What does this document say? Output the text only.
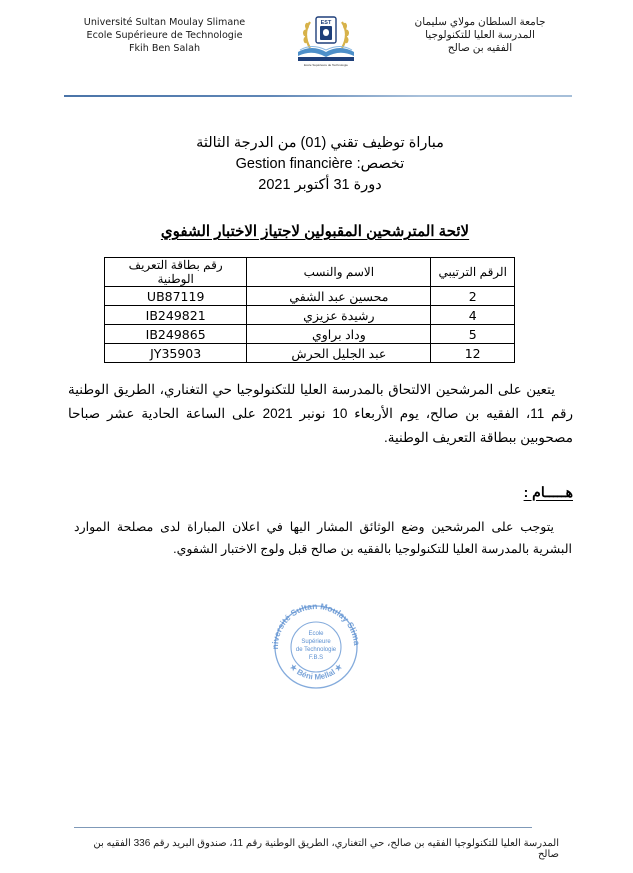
Université Sultan Moulay Slimane
Ecole Supérieure de Technologie
Fkih Ben Salah
EST
Ecole Supérieure de Technologie
جامعة السلطان مولاي سليمان
المدرسة العليا للتكنولوجيا
الفقيه بن صالح
مباراة توظيف تقني (01) من الدرجة الثالثة
تخصص: Gestion financière
دورة 31 أكتوبر 2021
لائحة المترشحين المقبولين لاجتياز الاختبار الشفوي
الرقم الترتيبي	الاسم والنسب	رقم بطاقة التعريف الوطنية
2	محسين عبد الشفي	UB87119
4	رشيدة عزيزي	IB249821
5	وداد براوي	IB249865
12	عبد الجليل الحرش	JY35903
يتعين على المرشحين الالتحاق بالمدرسة العليا للتكنولوجيا حي التغناري، الطريق الوطنية رقم 11، الفقيه بن صالح، يوم الأربعاء 10 نونبر 2021 على الساعة الحادية عشر صباحا مصحوبين ببطاقة التعريف الوطنية.
هـــــام :
يتوجب على المرشحين وضع الوثائق المشار اليها في اعلان المباراة لدى مصلحة الموارد البشرية بالمدرسة العليا للتكنولوجيا بالفقيه بن صالح قبل ولوج الاختبار الشفوي.
niversité Sultan Moulay Slima
★ Béni Mellal ★
Ecole
Supérieure
de Technologie
F.B.S
المدرسة العليا للتكنولوجيا الفقيه بن صالح، حي التغناري، الطريق الوطنية رقم 11، صندوق البريد رقم 336 الفقيه بن صالح
